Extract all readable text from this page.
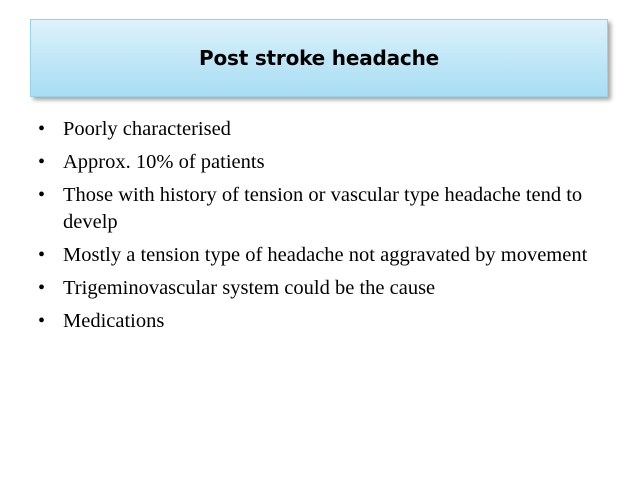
Post stroke headache
• Poorly characterised
• Approx. 10% of patients
• Those with history of tension or vascular type headache tend to develp
• Mostly a tension type of headache not aggravated by movement
• Trigeminovascular system could be the cause
• Medications
